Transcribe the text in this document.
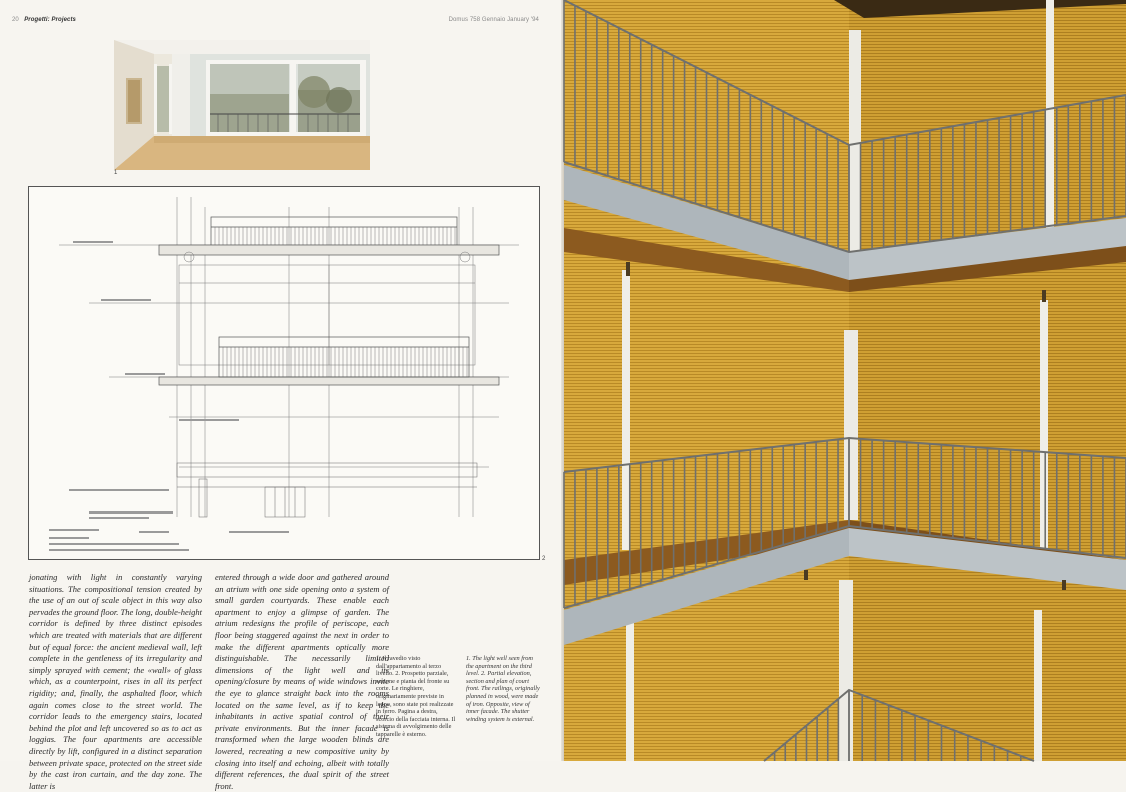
20 Progetti: Projects	Domus 758 Gennaio January '94
1
2
jonating with light in constantly varying situations. The compositional tension created by the use of an out of scale object in this way also pervades the ground floor. The long, double-height corridor is defined by three distinct episodes which are treated with materials that are different but of equal force: the ancient medieval wall, left complete in the gentleness of its irregularity and simply sprayed with cement; the «wall» of glass which, as a counterpoint, rises in all its perfect rigidity; and, finally, the asphalted floor, which again comes close to the street world. The corridor leads to the emergency stairs, located behind the plot and left uncovered so as to act as loggias. The four apartments are accessible directly by lift, configured in a distinct separation between private space, protected on the street side by the cast iron curtain, and the day zone. The latter is
entered through a wide door and gathered around an atrium with one side opening onto a system of small garden courtyards. These enable each apartment to enjoy a glimpse of garden. The atrium redesigns the profile of periscope, each floor being staggered against the next in order to make the different apartments optically more distinguishable. The necessarily limited dimensions of the light well and its opening/closure by means of wide windows invite the eye to glance straight back into the rooms located on the same level, as if to keep the inhabitants in active spatial control of their private environments. But the inner facade is transformed when the large wooden blinds are lowered, recreating a new compositive unity by closing into itself and echoing, albeit with totally different references, the dual spirit of the street front.
1. Il ravedio visto dall'appartamento al terzo livello. 2. Prospetto parziale, sezione e pianta del fronte su corte. Le ringhiere, originariamente previste in legno, sono state poi realizzate in ferro. Pagina a destra, scorcio della facciata interna. Il sistema di avvolgimento delle tapparelle è esterno.
1. The light well seen from the apartment on the third level. 2. Partial elevation, section and plan of court front. The railings, originally planned in wood, were made of iron. Opposite, view of inner facade. The shutter winding system is external.
